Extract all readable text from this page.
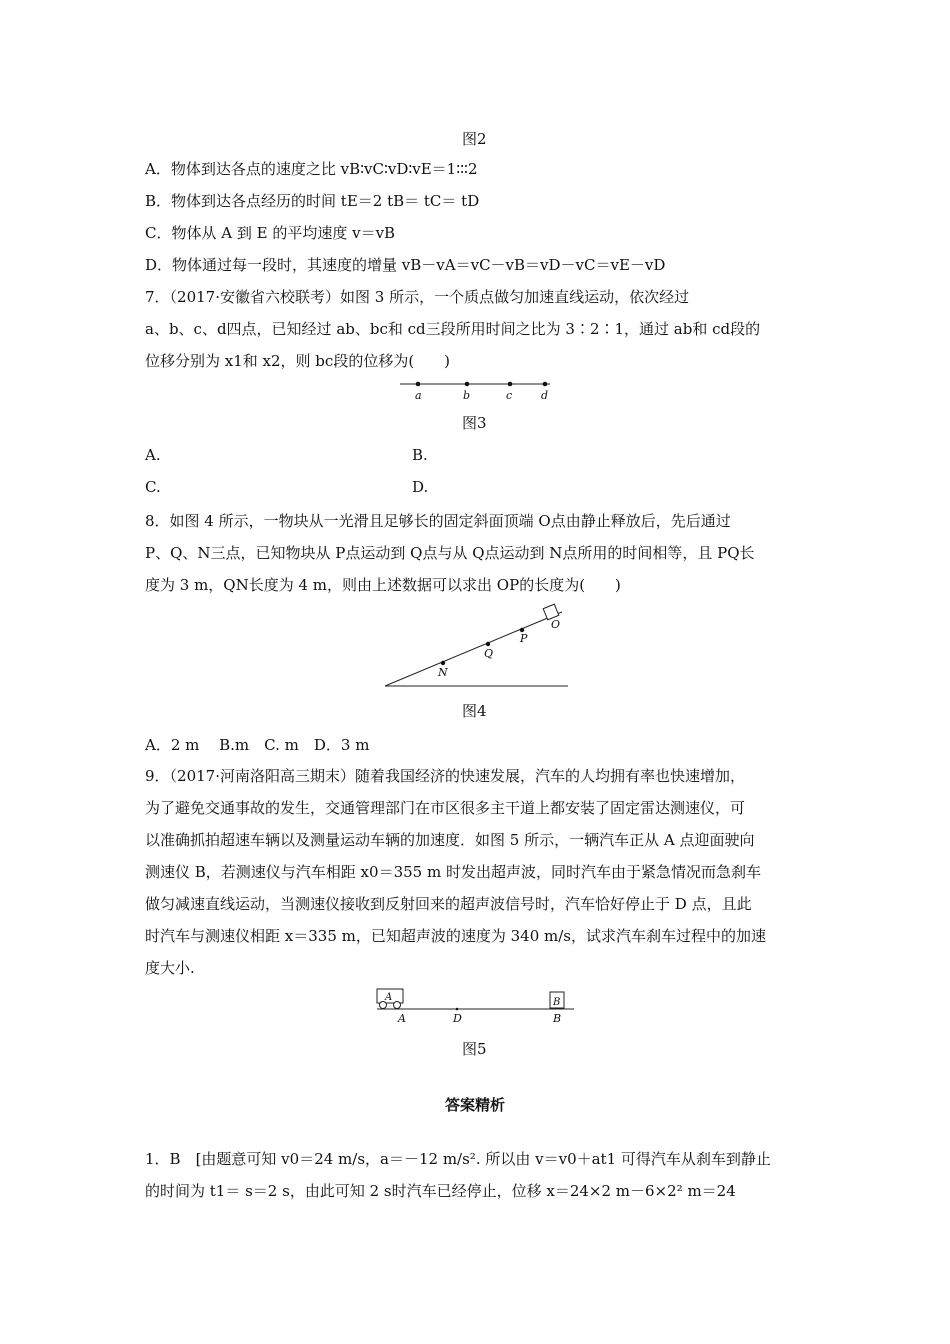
图2
A．物体到达各点的速度之比 vB∶vC∶vD∶vE＝1∶∶∶2
B．物体到达各点经历的时间 tE＝2 tB＝ tC＝ tD
C．物体从 A 到 E 的平均速度 v＝vB
D．物体通过每一段时，其速度的增量 vB－vA＝vC－vB＝vD－vC＝vE－vD
7．（2017·安徽省六校联考）如图 3 所示，一个质点做匀加速直线运动，依次经过
a、b、c、d四点，已知经过 ab、bc和 cd三段所用时间之比为 3∶2∶1，通过 ab和 cd段的
位移分别为 x1和 x2，则 bc段的位移为(　　)
a	b	c	d
图3
A.	B.
C.	D.
8．如图 4 所示，一物块从一光滑且足够长的固定斜面顶端 O点由静止释放后，先后通过
P、Q、N三点，已知物块从 P点运动到 Q点与从 Q点运动到 N点所用的时间相等，且 PQ长
度为 3 m，QN长度为 4 m，则由上述数据可以求出 OP的长度为(　　)
O
P
Q
N
图4
A．2 m　 B.m　C. m　D．3 m
9．（2017·河南洛阳高三期末）随着我国经济的快速发展，汽车的人均拥有率也快速增加，
为了避免交通事故的发生，交通管理部门在市区很多主干道上都安装了固定雷达测速仪，可
以准确抓拍超速车辆以及测量运动车辆的加速度．如图 5 所示，一辆汽车正从 A 点迎面驶向
测速仪 B，若测速仪与汽车相距 x0＝355 m 时发出超声波，同时汽车由于紧急情况而急刹车
做匀减速直线运动，当测速仪接收到反射回来的超声波信号时，汽车恰好停止于 D 点，且此
时汽车与测速仪相距 x＝335 m，已知超声波的速度为 340 m/s，试求汽车刹车过程中的加速
度大小.
A	B
A	D	B
图5
答案精析
1．B　[由题意可知 v0＝24 m/s，a＝－12 m/s². 所以由 v＝v0＋at1 可得汽车从刹车到静止
的时间为 t1＝ s＝2 s，由此可知 2 s时汽车已经停止，位移 x＝24×2 m－6×2² m＝24
